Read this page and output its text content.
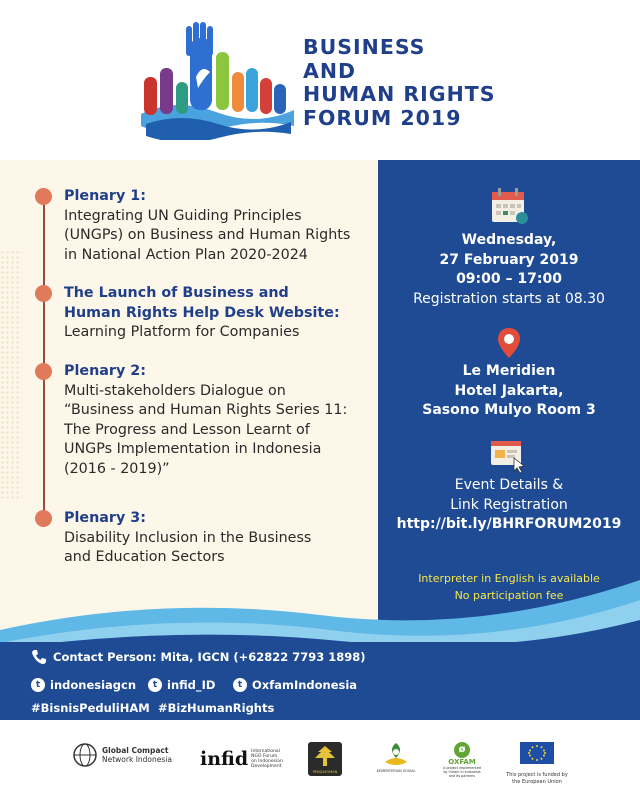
BUSINESS
AND
HUMAN RIGHTS
FORUM 2019
Plenary 1:
Integrating UN Guiding Principles
(UNGPs) on Business and Human Rights
in National Action Plan 2020-2024
The Launch of Business and
Human Rights Help Desk Website:
Learning Platform for Companies
Plenary 2:
Multi-stakeholders Dialogue on
“Business and Human Rights Series 11:
The Progress and Lesson Learnt of
UNGPs Implementation in Indonesia
(2016 - 2019)”
Plenary 3:
Disability Inclusion in the Business
and Education Sectors
Wednesday,
27 February 2019
09:00 – 17:00
Registration starts at 08.30
Le Meridien
Hotel Jakarta,
Sasono Mulyo Room 3
Event Details &
Link Registration
http://bit.ly/BHRFORUM2019
Interpreter in English is available
No participation fee
Contact Person: Mita, IGCN (+62822 7793 1898)
t indonesiagcn	t infid_ID	t OxfamIndonesia
#BisnisPeduliHAM #BizHumanRights
Global Compact
Network Indonesia infid International
NGO Forum
on Indonesian
Development
PENGAYOMAN	KEMENTERIAN SOSIAL
ø
OXFAM
A project implemented
by Oxfam in Indonesia
and its partners	This project is funded by
the European Union
